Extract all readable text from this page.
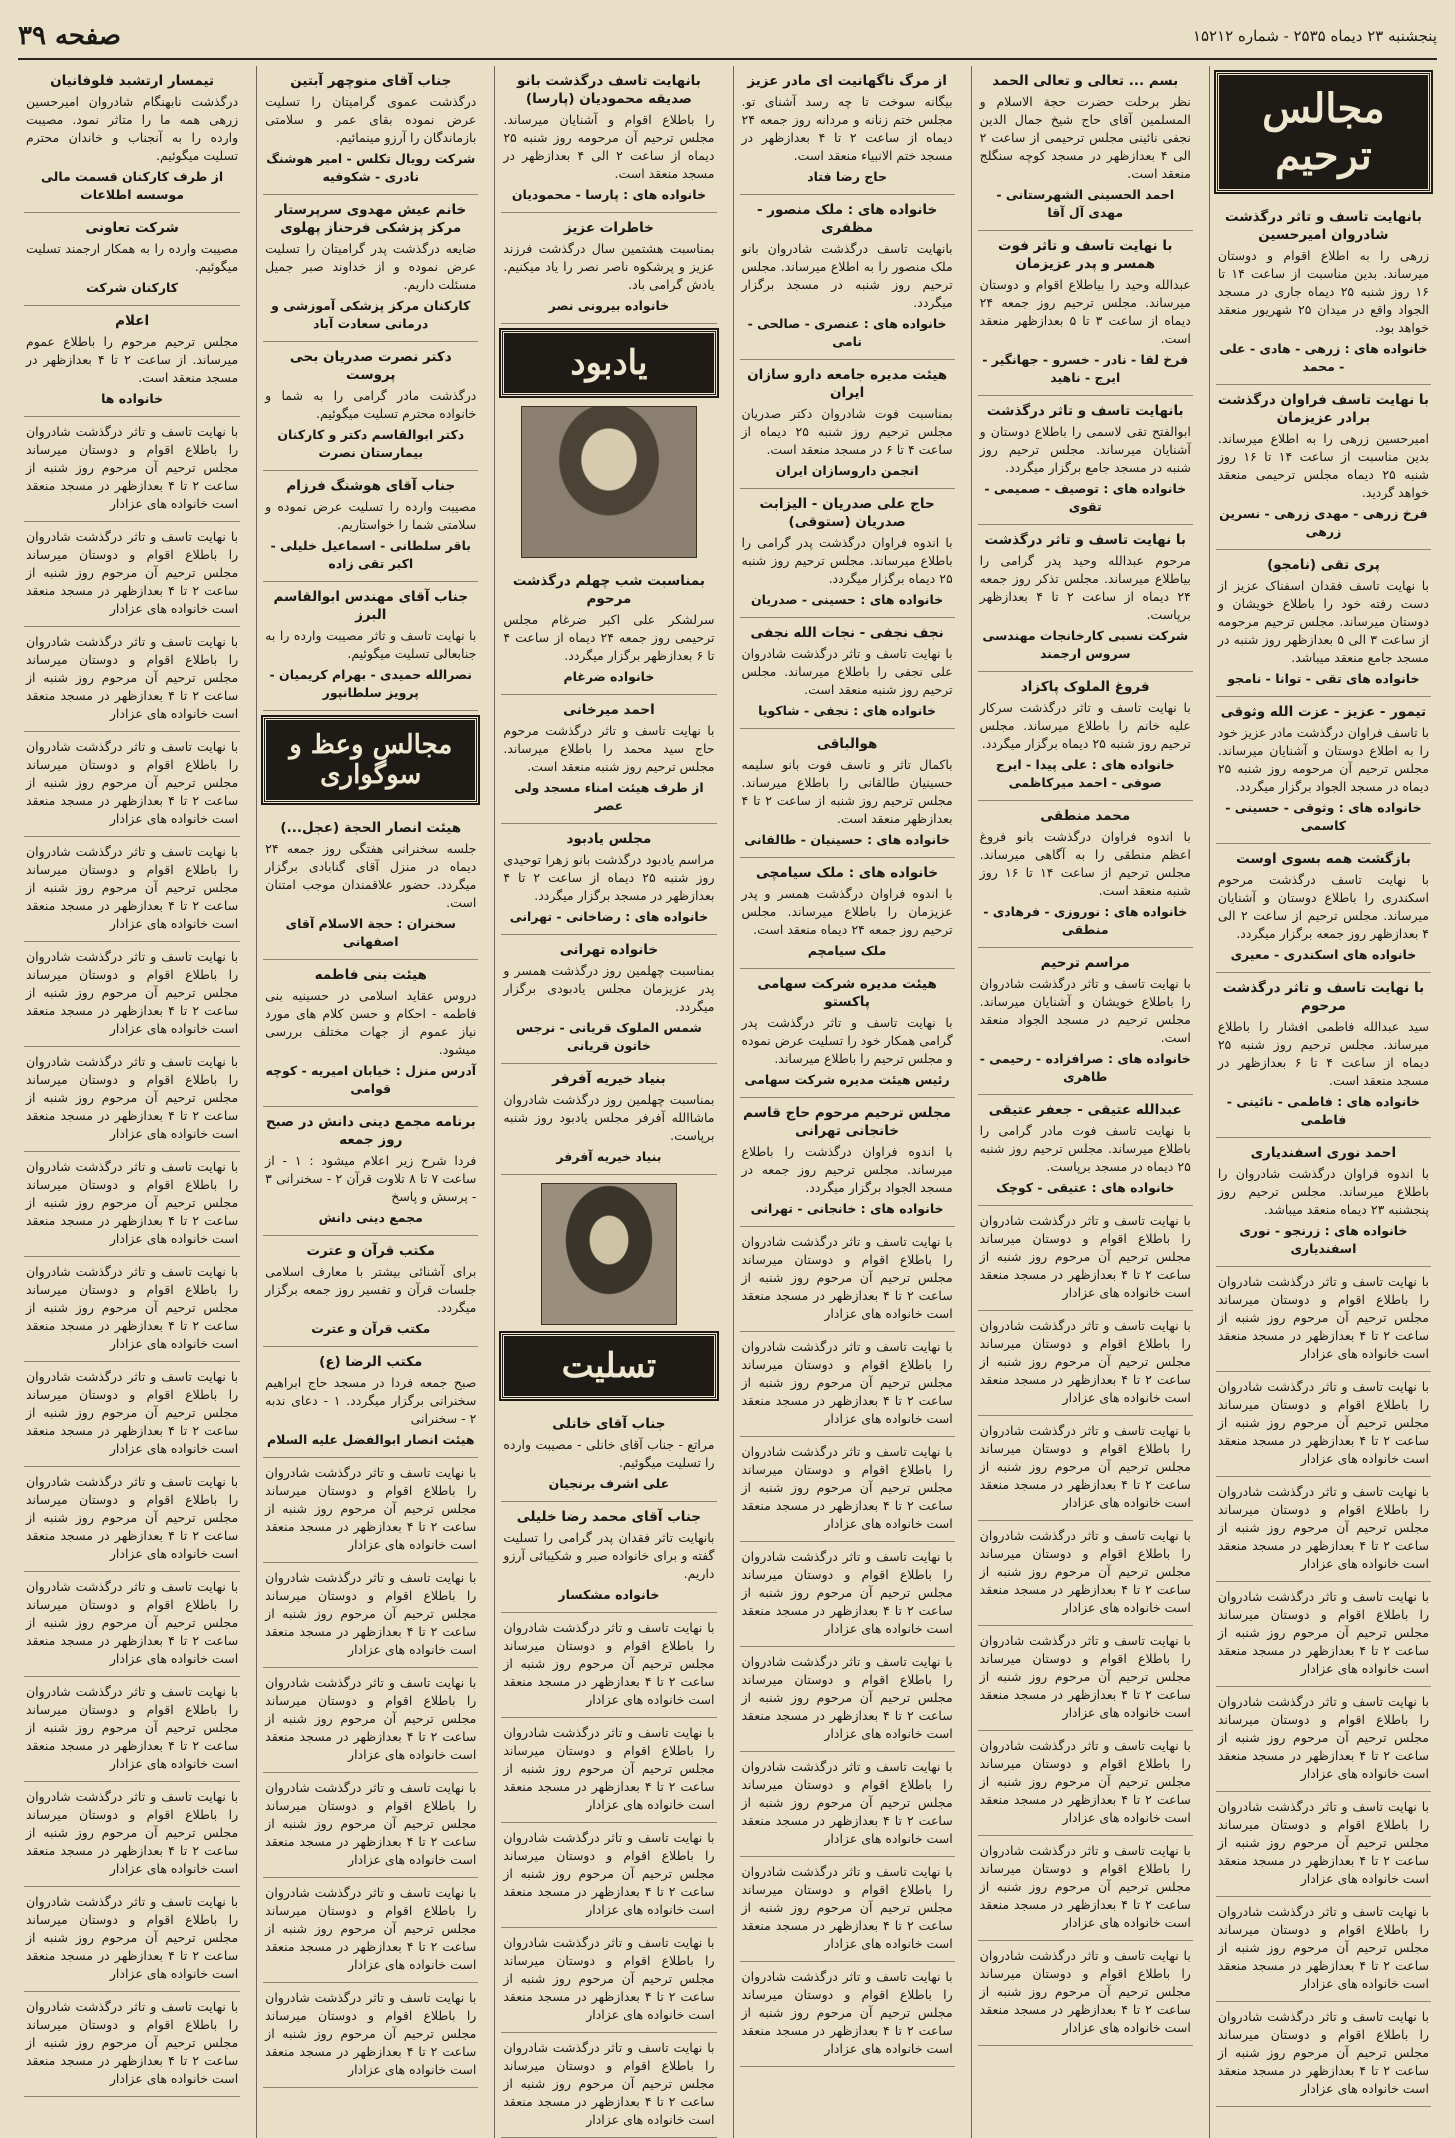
پنجشنبه ۲۳ دیماه ۲۵۳۵ - شماره ۱۵۲۱۲
صفحه ۳۹
مجالس ترحیم
بانهایت تاسف و تاثر درگذشت شادروان امیرحسین
زرهی را به اطلاع اقوام و دوستان میرساند. بدین مناسبت از ساعت ۱۴ تا ۱۶ روز شنبه ۲۵ دیماه جاری در مسجد الجواد واقع در میدان ۲۵ شهریور منعقد خواهد بود.
خانواده های : زرهی - هادی - علی - محمد
با نهایت تاسف فراوان درگذشت برادر عزیزمان
امیرحسین زرهی را به اطلاع میرساند. بدین مناسبت از ساعت ۱۴ تا ۱۶ روز شنبه ۲۵ دیماه مجلس ترحیمی منعقد خواهد گردید.
فرخ زرهی - مهدی زرهی - نسرین زرهی
پری تقی (نامجو)
با نهایت تاسف فقدان اسفناک عزیز از دست رفته خود را باطلاع خویشان و دوستان میرساند. مجلس ترحیم مرحومه از ساعت ۳ الی ۵ بعدازظهر روز شنبه در مسجد جامع منعقد میباشد.
خانواده های تقی - توانا - نامجو
تیمور - عزیز - عزت الله وثوقی
با تاسف فراوان درگذشت مادر عزیز خود را به اطلاع دوستان و آشنایان میرساند. مجلس ترحیم آن مرحومه روز شنبه ۲۵ دیماه در مسجد الجواد برگزار میگردد.
خانواده های : وثوقی - حسینی - کاسمی
بازگشت همه بسوی اوست
با نهایت تاسف درگذشت مرحوم اسکندری را باطلاع دوستان و آشنایان میرساند. مجلس ترحیم از ساعت ۲ الی ۴ بعدازظهر روز جمعه برگزار میگردد.
خانواده های اسکندری - معیری
با نهایت تاسف و تاثر درگذشت مرحوم
سید عبدالله فاطمی افشار را باطلاع میرساند. مجلس ترحیم روز شنبه ۲۵ دیماه از ساعت ۴ تا ۶ بعدازظهر در مسجد منعقد است.
خانواده های : فاطمی - نائینی - فاطمی
احمد نوری اسفندیاری
با اندوه فراوان درگذشت شادروان را باطلاع میرساند. مجلس ترحیم روز پنجشنبه ۲۳ دیماه منعقد میباشد.
خانواده های : زرنجو - نوری اسفندیاری
با نهایت تاسف و تاثر درگذشت شادروان را باطلاع اقوام و دوستان میرساند مجلس ترحیم آن مرحوم روز شنبه از ساعت ۲ تا ۴ بعدازظهر در مسجد منعقد است خانواده های عزادار
با نهایت تاسف و تاثر درگذشت شادروان را باطلاع اقوام و دوستان میرساند مجلس ترحیم آن مرحوم روز شنبه از ساعت ۲ تا ۴ بعدازظهر در مسجد منعقد است خانواده های عزادار
با نهایت تاسف و تاثر درگذشت شادروان را باطلاع اقوام و دوستان میرساند مجلس ترحیم آن مرحوم روز شنبه از ساعت ۲ تا ۴ بعدازظهر در مسجد منعقد است خانواده های عزادار
با نهایت تاسف و تاثر درگذشت شادروان را باطلاع اقوام و دوستان میرساند مجلس ترحیم آن مرحوم روز شنبه از ساعت ۲ تا ۴ بعدازظهر در مسجد منعقد است خانواده های عزادار
با نهایت تاسف و تاثر درگذشت شادروان را باطلاع اقوام و دوستان میرساند مجلس ترحیم آن مرحوم روز شنبه از ساعت ۲ تا ۴ بعدازظهر در مسجد منعقد است خانواده های عزادار
با نهایت تاسف و تاثر درگذشت شادروان را باطلاع اقوام و دوستان میرساند مجلس ترحیم آن مرحوم روز شنبه از ساعت ۲ تا ۴ بعدازظهر در مسجد منعقد است خانواده های عزادار
با نهایت تاسف و تاثر درگذشت شادروان را باطلاع اقوام و دوستان میرساند مجلس ترحیم آن مرحوم روز شنبه از ساعت ۲ تا ۴ بعدازظهر در مسجد منعقد است خانواده های عزادار
با نهایت تاسف و تاثر درگذشت شادروان را باطلاع اقوام و دوستان میرساند مجلس ترحیم آن مرحوم روز شنبه از ساعت ۲ تا ۴ بعدازظهر در مسجد منعقد است خانواده های عزادار
بسم ... تعالی و تعالی الحمد
نظر برحلت حضرت حجة الاسلام و المسلمین آقای حاج شیخ جمال الدین نجفی نائینی مجلس ترحیمی از ساعت ۲ الی ۴ بعدازظهر در مسجد کوچه سنگلج منعقد است.
احمد الحسینی الشهرستانی - مهدی آل آقا
با نهایت تاسف و تاثر فوت همسر و پدر عزیزمان
عبدالله وحید را بیاطلاع اقوام و دوستان میرساند. مجلس ترحیم روز جمعه ۲۴ دیماه از ساعت ۳ تا ۵ بعدازظهر منعقد است.
فرخ لقا - نادر - خسرو - جهانگیر - ایرج - ناهید
بانهایت تاسف و تاثر درگذشت
ابوالفتح تقی لاسمی را باطلاع دوستان و آشنایان میرساند. مجلس ترحیم روز شنبه در مسجد جامع برگزار میگردد.
خانواده های : توصیف - صمیمی - تقوی
با نهایت تاسف و تاثر درگذشت
مرحوم عبدالله وحید پدر گرامی را بیاطلاع میرساند. مجلس تذکر روز جمعه ۲۴ دیماه از ساعت ۲ تا ۴ بعدازظهر برپاست.
شرکت نسبی کارخانجات مهندسی سروس ارجمند
فروغ الملوک پاکزاد
با نهایت تاسف و تاثر درگذشت سرکار علیه خانم را باطلاع میرساند. مجلس ترحیم روز شنبه ۲۵ دیماه برگزار میگردد.
خانواده های : علی پیدا - ایرج صوفی - احمد میرکاظمی
محمد منطقی
با اندوه فراوان درگذشت بانو فروغ اعظم منطقی را به آگاهی میرساند. مجلس ترحیم از ساعت ۱۴ تا ۱۶ روز شنبه منعقد است.
خانواده های : نوروزی - فرهادی - منطقی
مراسم ترحیم
با نهایت تاسف و تاثر درگذشت شادروان را باطلاع خویشان و آشنایان میرساند. مجلس ترحیم در مسجد الجواد منعقد است.
خانواده های : صرافزاده - رحیمی - طاهری
عبدالله عتیقی - جعفر عتیقی
با نهایت تاسف فوت مادر گرامی را باطلاع میرساند. مجلس ترحیم روز شنبه ۲۵ دیماه در مسجد برپاست.
خانواده های : عتیقی - کوچک
با نهایت تاسف و تاثر درگذشت شادروان را باطلاع اقوام و دوستان میرساند مجلس ترحیم آن مرحوم روز شنبه از ساعت ۲ تا ۴ بعدازظهر در مسجد منعقد است خانواده های عزادار
با نهایت تاسف و تاثر درگذشت شادروان را باطلاع اقوام و دوستان میرساند مجلس ترحیم آن مرحوم روز شنبه از ساعت ۲ تا ۴ بعدازظهر در مسجد منعقد است خانواده های عزادار
با نهایت تاسف و تاثر درگذشت شادروان را باطلاع اقوام و دوستان میرساند مجلس ترحیم آن مرحوم روز شنبه از ساعت ۲ تا ۴ بعدازظهر در مسجد منعقد است خانواده های عزادار
با نهایت تاسف و تاثر درگذشت شادروان را باطلاع اقوام و دوستان میرساند مجلس ترحیم آن مرحوم روز شنبه از ساعت ۲ تا ۴ بعدازظهر در مسجد منعقد است خانواده های عزادار
با نهایت تاسف و تاثر درگذشت شادروان را باطلاع اقوام و دوستان میرساند مجلس ترحیم آن مرحوم روز شنبه از ساعت ۲ تا ۴ بعدازظهر در مسجد منعقد است خانواده های عزادار
با نهایت تاسف و تاثر درگذشت شادروان را باطلاع اقوام و دوستان میرساند مجلس ترحیم آن مرحوم روز شنبه از ساعت ۲ تا ۴ بعدازظهر در مسجد منعقد است خانواده های عزادار
با نهایت تاسف و تاثر درگذشت شادروان را باطلاع اقوام و دوستان میرساند مجلس ترحیم آن مرحوم روز شنبه از ساعت ۲ تا ۴ بعدازظهر در مسجد منعقد است خانواده های عزادار
با نهایت تاسف و تاثر درگذشت شادروان را باطلاع اقوام و دوستان میرساند مجلس ترحیم آن مرحوم روز شنبه از ساعت ۲ تا ۴ بعدازظهر در مسجد منعقد است خانواده های عزادار
از مرگ ناگهانیت ای مادر عزیز
بیگانه سوخت تا چه رسد آشنای تو. مجلس ختم زنانه و مردانه روز جمعه ۲۴ دیماه از ساعت ۲ تا ۴ بعدازظهر در مسجد ختم الانبیاء منعقد است.
حاج رضا فتاد
خانواده های : ملک منصور - مظفری
بانهایت تاسف درگذشت شادروان بانو ملک منصور را به اطلاع میرساند. مجلس ترحیم روز شنبه در مسجد برگزار میگردد.
خانواده های : عنصری - صالحی - نامی
هیئت مدیره جامعه دارو سازان ایران
بمناسبت فوت شادروان دکتر صدریان مجلس ترحیم روز شنبه ۲۵ دیماه از ساعت ۴ تا ۶ در مسجد منعقد است.
انجمن داروسازان ایران
حاج علی صدریان - الیزابت صدریان (ستوقی)
با اندوه فراوان درگذشت پدر گرامی را باطلاع میرساند. مجلس ترحیم روز شنبه ۲۵ دیماه برگزار میگردد.
خانواده های : حسینی - صدریان
نجف نجفی - نجات الله نجفی
با نهایت تاسف و تاثر درگذشت شادروان علی نجفی را باطلاع میرساند. مجلس ترحیم روز شنبه منعقد است.
خانواده های : نجفی - شاکویا
هوالباقی
باکمال تاثر و تاسف فوت بانو سلیمه حسینیان طالقانی را باطلاع میرساند. مجلس ترحیم روز شنبه از ساعت ۲ تا ۴ بعدازظهر منعقد است.
خانواده های : حسینیان - طالقانی
خانواده های : ملک سیامچی
با اندوه فراوان درگذشت همسر و پدر عزیزمان را باطلاع میرساند. مجلس ترحیم روز جمعه ۲۴ دیماه منعقد است.
ملک سیامچم
هیئت مدیره شرکت سهامی پاکستو
با نهایت تاسف و تاثر درگذشت پدر گرامی همکار خود را تسلیت عرض نموده و مجلس ترحیم را باطلاع میرساند.
رئیس هیئت مدیره شرکت سهامی
مجلس ترحیم مرحوم حاج قاسم خانجانی تهرانی
با اندوه فراوان درگذشت را باطلاع میرساند. مجلس ترحیم روز جمعه در مسجد الجواد برگزار میگردد.
خانواده های : خانجانی - تهرانی
با نهایت تاسف و تاثر درگذشت شادروان را باطلاع اقوام و دوستان میرساند مجلس ترحیم آن مرحوم روز شنبه از ساعت ۲ تا ۴ بعدازظهر در مسجد منعقد است خانواده های عزادار
با نهایت تاسف و تاثر درگذشت شادروان را باطلاع اقوام و دوستان میرساند مجلس ترحیم آن مرحوم روز شنبه از ساعت ۲ تا ۴ بعدازظهر در مسجد منعقد است خانواده های عزادار
با نهایت تاسف و تاثر درگذشت شادروان را باطلاع اقوام و دوستان میرساند مجلس ترحیم آن مرحوم روز شنبه از ساعت ۲ تا ۴ بعدازظهر در مسجد منعقد است خانواده های عزادار
با نهایت تاسف و تاثر درگذشت شادروان را باطلاع اقوام و دوستان میرساند مجلس ترحیم آن مرحوم روز شنبه از ساعت ۲ تا ۴ بعدازظهر در مسجد منعقد است خانواده های عزادار
با نهایت تاسف و تاثر درگذشت شادروان را باطلاع اقوام و دوستان میرساند مجلس ترحیم آن مرحوم روز شنبه از ساعت ۲ تا ۴ بعدازظهر در مسجد منعقد است خانواده های عزادار
با نهایت تاسف و تاثر درگذشت شادروان را باطلاع اقوام و دوستان میرساند مجلس ترحیم آن مرحوم روز شنبه از ساعت ۲ تا ۴ بعدازظهر در مسجد منعقد است خانواده های عزادار
با نهایت تاسف و تاثر درگذشت شادروان را باطلاع اقوام و دوستان میرساند مجلس ترحیم آن مرحوم روز شنبه از ساعت ۲ تا ۴ بعدازظهر در مسجد منعقد است خانواده های عزادار
با نهایت تاسف و تاثر درگذشت شادروان را باطلاع اقوام و دوستان میرساند مجلس ترحیم آن مرحوم روز شنبه از ساعت ۲ تا ۴ بعدازظهر در مسجد منعقد است خانواده های عزادار
بانهایت تاسف درگذشت بانو صدیقه محمودیان (پارسا)
را باطلاع اقوام و آشنایان میرساند. مجلس ترحیم آن مرحومه روز شنبه ۲۵ دیماه از ساعت ۲ الی ۴ بعدازظهر در مسجد منعقد است.
خانواده های : پارسا - محمودیان
خاطرات عزیز
بمناسبت هشتمین سال درگذشت فرزند عزیز و پرشکوه ناصر نصر را یاد میکنیم. یادش گرامی باد.
خانواده بیرونی نصر
یادبود
بمناسبت شب چهلم درگذشت مرحوم
سرلشکر علی اکبر ضرغام مجلس ترحیمی روز جمعه ۲۴ دیماه از ساعت ۴ تا ۶ بعدازظهر برگزار میگردد.
خانواده ضرغام
احمد میرخانی
با نهایت تاسف و تاثر درگذشت مرحوم حاج سید محمد را باطلاع میرساند. مجلس ترحیم روز شنبه منعقد است.
از طرف هیئت امناء مسجد ولی عصر
مجلس یادبود
مراسم یادبود درگذشت بانو زهرا توحیدی روز شنبه ۲۵ دیماه از ساعت ۲ تا ۴ بعدازظهر در مسجد برگزار میگردد.
خانواده های : رضاخانی - تهرانی
خانواده تهرانی
بمناسبت چهلمین روز درگذشت همسر و پدر عزیزمان مجلس یادبودی برگزار میگردد.
شمس الملوک قریانی - نرجس خاتون قریانی
بنیاد خیریه آفرفر
بمناسبت چهلمین روز درگذشت شادروان ماشاالله آفرفر مجلس یادبود روز شنبه برپاست.
بنیاد خیریه آفرفر
تسلیت
جناب آقای خانلی
مراتع - جناب آقای خانلی - مصیبت وارده را تسلیت میگوئیم.
علی اشرف برنجیان
جناب آقای محمد رضا خلیلی
بانهایت تاثر فقدان پدر گرامی را تسلیت گفته و برای خانواده صبر و شکیبائی آرزو داریم.
خانواده مشکسار
با نهایت تاسف و تاثر درگذشت شادروان را باطلاع اقوام و دوستان میرساند مجلس ترحیم آن مرحوم روز شنبه از ساعت ۲ تا ۴ بعدازظهر در مسجد منعقد است خانواده های عزادار
با نهایت تاسف و تاثر درگذشت شادروان را باطلاع اقوام و دوستان میرساند مجلس ترحیم آن مرحوم روز شنبه از ساعت ۲ تا ۴ بعدازظهر در مسجد منعقد است خانواده های عزادار
با نهایت تاسف و تاثر درگذشت شادروان را باطلاع اقوام و دوستان میرساند مجلس ترحیم آن مرحوم روز شنبه از ساعت ۲ تا ۴ بعدازظهر در مسجد منعقد است خانواده های عزادار
با نهایت تاسف و تاثر درگذشت شادروان را باطلاع اقوام و دوستان میرساند مجلس ترحیم آن مرحوم روز شنبه از ساعت ۲ تا ۴ بعدازظهر در مسجد منعقد است خانواده های عزادار
با نهایت تاسف و تاثر درگذشت شادروان را باطلاع اقوام و دوستان میرساند مجلس ترحیم آن مرحوم روز شنبه از ساعت ۲ تا ۴ بعدازظهر در مسجد منعقد است خانواده های عزادار
جناب آقای منوچهر آبتین
درگذشت عموی گرامیتان را تسلیت عرض نموده بقای عمر و سلامتی بازماندگان را آرزو مینمائیم.
شرکت رویال تکلس - امیر هوشنگ نادری - شکوفیه
خانم عیش مهدوی سرپرستار مرکز پزشکی فرحناز پهلوی
ضایعه درگذشت پدر گرامیتان را تسلیت عرض نموده و از خداوند صبر جمیل مسئلت داریم.
کارکنان مرکز پزشکی آموزشی و درمانی سعادت آباد
دکتر نصرت صدریان بحی پروست
درگذشت مادر گرامی را به شما و خانواده محترم تسلیت میگوئیم.
دکتر ابوالقاسم دکتر و کارکنان بیمارستان نصرت
جناب آقای هوشنگ فرزام
مصیبت وارده را تسلیت عرض نموده و سلامتی شما را خواستاریم.
باقر سلطانی - اسماعیل خلیلی - اکبر تقی زاده
جناب آقای مهندس ابوالقاسم البرز
با نهایت تاسف و تاثر مصیبت وارده را به جنابعالی تسلیت میگوئیم.
نصرالله حمیدی - بهرام کریمیان - پرویز سلطانپور
مجالس وعظ و سوگواری
هیئت انصار الحجة (عجل...)
جلسه سخنرانی هفتگی روز جمعه ۲۴ دیماه در منزل آقای گنابادی برگزار میگردد. حضور علاقمندان موجب امتنان است.
سخنران : حجة الاسلام آقای اصفهانی
هیئت بنی فاطمه
دروس عقاید اسلامی در حسینیه بنی فاطمه - احکام و حسن کلام های مورد نیاز عموم از جهات مختلف بررسی میشود.
آدرس منزل : خیابان امیریه - کوچه قوامی
برنامه مجمع دینی دانش در صبح روز جمعه
فردا شرح زیر اعلام میشود : ۱ - از ساعت ۷ تا ۸ تلاوت قرآن ۲ - سخنرانی ۳ - پرسش و پاسخ
مجمع دینی دانش
مکتب قرآن و عترت
برای آشنائی بیشتر با معارف اسلامی جلسات قرآن و تفسیر روز جمعه برگزار میگردد.
مکتب قرآن و عترت
مکتب الرضا (ع)
صبح جمعه فردا در مسجد حاج ابراهیم سخنرانی برگزار میگردد. ۱ - دعای ندبه ۲ - سخنرانی
هیئت انصار ابوالفضل علیه السلام
با نهایت تاسف و تاثر درگذشت شادروان را باطلاع اقوام و دوستان میرساند مجلس ترحیم آن مرحوم روز شنبه از ساعت ۲ تا ۴ بعدازظهر در مسجد منعقد است خانواده های عزادار
با نهایت تاسف و تاثر درگذشت شادروان را باطلاع اقوام و دوستان میرساند مجلس ترحیم آن مرحوم روز شنبه از ساعت ۲ تا ۴ بعدازظهر در مسجد منعقد است خانواده های عزادار
با نهایت تاسف و تاثر درگذشت شادروان را باطلاع اقوام و دوستان میرساند مجلس ترحیم آن مرحوم روز شنبه از ساعت ۲ تا ۴ بعدازظهر در مسجد منعقد است خانواده های عزادار
با نهایت تاسف و تاثر درگذشت شادروان را باطلاع اقوام و دوستان میرساند مجلس ترحیم آن مرحوم روز شنبه از ساعت ۲ تا ۴ بعدازظهر در مسجد منعقد است خانواده های عزادار
با نهایت تاسف و تاثر درگذشت شادروان را باطلاع اقوام و دوستان میرساند مجلس ترحیم آن مرحوم روز شنبه از ساعت ۲ تا ۴ بعدازظهر در مسجد منعقد است خانواده های عزادار
با نهایت تاسف و تاثر درگذشت شادروان را باطلاع اقوام و دوستان میرساند مجلس ترحیم آن مرحوم روز شنبه از ساعت ۲ تا ۴ بعدازظهر در مسجد منعقد است خانواده های عزادار
تیمسار ارتشبد فلوفانیان
درگذشت نابهنگام شادروان امیرحسین زرهی همه ما را متاثر نمود. مصیبت وارده را به آنجناب و خاندان محترم تسلیت میگوئیم.
از طرف کارکنان قسمت مالی موسسه اطلاعات
شرکت تعاونی
مصیبت وارده را به همکار ارجمند تسلیت میگوئیم.
کارکنان شرکت
اعلام
مجلس ترحیم مرحوم را باطلاع عموم میرساند. از ساعت ۲ تا ۴ بعدازظهر در مسجد منعقد است.
خانواده ها
با نهایت تاسف و تاثر درگذشت شادروان را باطلاع اقوام و دوستان میرساند مجلس ترحیم آن مرحوم روز شنبه از ساعت ۲ تا ۴ بعدازظهر در مسجد منعقد است خانواده های عزادار
با نهایت تاسف و تاثر درگذشت شادروان را باطلاع اقوام و دوستان میرساند مجلس ترحیم آن مرحوم روز شنبه از ساعت ۲ تا ۴ بعدازظهر در مسجد منعقد است خانواده های عزادار
با نهایت تاسف و تاثر درگذشت شادروان را باطلاع اقوام و دوستان میرساند مجلس ترحیم آن مرحوم روز شنبه از ساعت ۲ تا ۴ بعدازظهر در مسجد منعقد است خانواده های عزادار
با نهایت تاسف و تاثر درگذشت شادروان را باطلاع اقوام و دوستان میرساند مجلس ترحیم آن مرحوم روز شنبه از ساعت ۲ تا ۴ بعدازظهر در مسجد منعقد است خانواده های عزادار
با نهایت تاسف و تاثر درگذشت شادروان را باطلاع اقوام و دوستان میرساند مجلس ترحیم آن مرحوم روز شنبه از ساعت ۲ تا ۴ بعدازظهر در مسجد منعقد است خانواده های عزادار
با نهایت تاسف و تاثر درگذشت شادروان را باطلاع اقوام و دوستان میرساند مجلس ترحیم آن مرحوم روز شنبه از ساعت ۲ تا ۴ بعدازظهر در مسجد منعقد است خانواده های عزادار
با نهایت تاسف و تاثر درگذشت شادروان را باطلاع اقوام و دوستان میرساند مجلس ترحیم آن مرحوم روز شنبه از ساعت ۲ تا ۴ بعدازظهر در مسجد منعقد است خانواده های عزادار
با نهایت تاسف و تاثر درگذشت شادروان را باطلاع اقوام و دوستان میرساند مجلس ترحیم آن مرحوم روز شنبه از ساعت ۲ تا ۴ بعدازظهر در مسجد منعقد است خانواده های عزادار
با نهایت تاسف و تاثر درگذشت شادروان را باطلاع اقوام و دوستان میرساند مجلس ترحیم آن مرحوم روز شنبه از ساعت ۲ تا ۴ بعدازظهر در مسجد منعقد است خانواده های عزادار
با نهایت تاسف و تاثر درگذشت شادروان را باطلاع اقوام و دوستان میرساند مجلس ترحیم آن مرحوم روز شنبه از ساعت ۲ تا ۴ بعدازظهر در مسجد منعقد است خانواده های عزادار
با نهایت تاسف و تاثر درگذشت شادروان را باطلاع اقوام و دوستان میرساند مجلس ترحیم آن مرحوم روز شنبه از ساعت ۲ تا ۴ بعدازظهر در مسجد منعقد است خانواده های عزادار
با نهایت تاسف و تاثر درگذشت شادروان را باطلاع اقوام و دوستان میرساند مجلس ترحیم آن مرحوم روز شنبه از ساعت ۲ تا ۴ بعدازظهر در مسجد منعقد است خانواده های عزادار
با نهایت تاسف و تاثر درگذشت شادروان را باطلاع اقوام و دوستان میرساند مجلس ترحیم آن مرحوم روز شنبه از ساعت ۲ تا ۴ بعدازظهر در مسجد منعقد است خانواده های عزادار
با نهایت تاسف و تاثر درگذشت شادروان را باطلاع اقوام و دوستان میرساند مجلس ترحیم آن مرحوم روز شنبه از ساعت ۲ تا ۴ بعدازظهر در مسجد منعقد است خانواده های عزادار
با نهایت تاسف و تاثر درگذشت شادروان را باطلاع اقوام و دوستان میرساند مجلس ترحیم آن مرحوم روز شنبه از ساعت ۲ تا ۴ بعدازظهر در مسجد منعقد است خانواده های عزادار
با نهایت تاسف و تاثر درگذشت شادروان را باطلاع اقوام و دوستان میرساند مجلس ترحیم آن مرحوم روز شنبه از ساعت ۲ تا ۴ بعدازظهر در مسجد منعقد است خانواده های عزادار
